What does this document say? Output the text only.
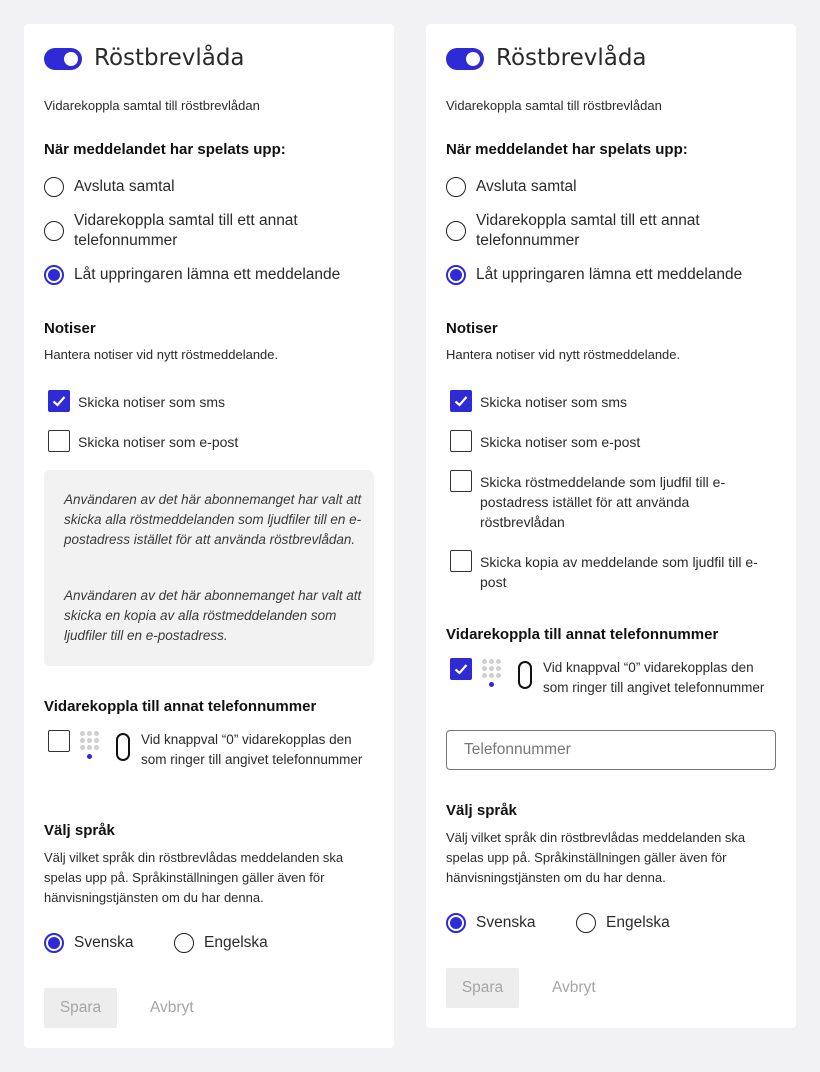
Röstbrevlåda
Vidarekoppla samtal till röstbrevlådan
När meddelandet har spelats upp:
Avsluta samtal
Vidarekoppla samtal till ett annat telefonnummer
Låt uppringaren lämna ett meddelande
Notiser
Hantera notiser vid nytt röstmeddelande.
Skicka notiser som sms
Skicka notiser som e-post

Användaren av det här abonnemanget har valt att skicka alla röstmeddelanden som ljudfiler till en e-postadress istället för att använda röstbrevlådan.

Användaren av det här abonnemanget har valt att skicka en kopia av alla röstmeddelanden som ljudfiler till en e-postadress.

Vidarekoppla till annat telefonnummer
Vid knappval “0” vidarekopplas den som ringer till angivet telefonnummer
Välj språk
Välj vilket språk din röstbrevlådas meddelanden ska spelas upp på. Språkinställningen gäller även för hänvisningstjänsten om du har denna.
Svenska	Engelska
Spara	Avbryt
Röstbrevlåda
Vidarekoppla samtal till röstbrevlådan
När meddelandet har spelats upp:
Avsluta samtal
Vidarekoppla samtal till ett annat telefonnummer
Låt uppringaren lämna ett meddelande
Notiser
Hantera notiser vid nytt röstmeddelande.
Skicka notiser som sms
Skicka notiser som e-post
Skicka röstmeddelande som ljudfil till e-postadress istället för att använda röstbrevlådan
Skicka kopia av meddelande som ljudfil till e-post
Vidarekoppla till annat telefonnummer
Vid knappval “0” vidarekopplas den som ringer till angivet telefonnummer
Telefonnummer
Välj språk
Välj vilket språk din röstbrevlådas meddelanden ska spelas upp på. Språkinställningen gäller även för hänvisningstjänsten om du har denna.
Svenska	Engelska
Spara	Avbryt
